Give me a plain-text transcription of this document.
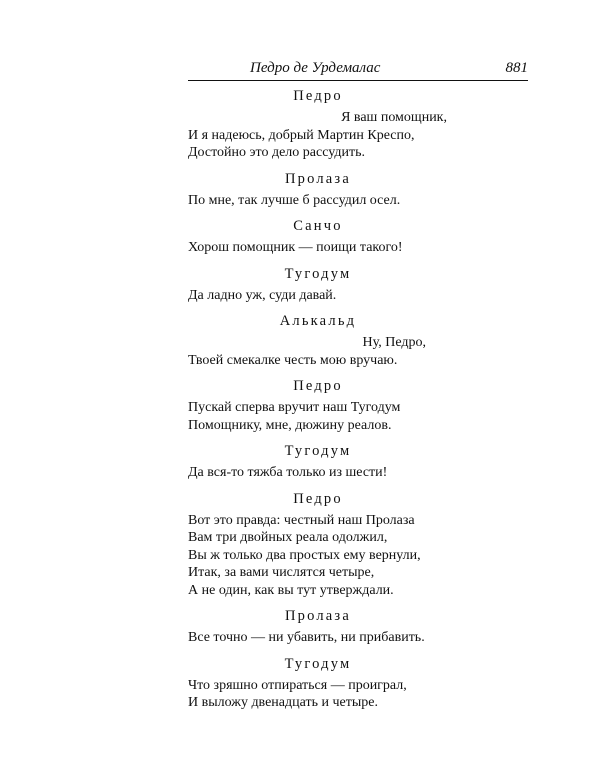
Педро де Урдемалас	881
Педро
Я ваш помощник,
И я надеюсь, добрый Мартин Креспо,
Достойно это дело рассудить.
Пролаза
По мне, так лучше б рассудил осел.
Санчо
Хорош помощник — поищи такого!
Тугодум
Да ладно уж, суди давай.
Алькальд
Ну, Педро,
Твоей смекалке честь мою вручаю.
Педро
Пускай сперва вручит наш Тугодум
Помощнику, мне, дюжину реалов.
Тугодум
Да вся-то тяжба только из шести!
Педро
Вот это правда: честный наш Пролаза
Вам три двойных реала одолжил,
Вы ж только два простых ему вернули,
Итак, за вами числятся четыре,
А не один, как вы тут утверждали.
Пролаза
Все точно — ни убавить, ни прибавить.
Тугодум
Что зряшно отпираться — проиграл,
И выложу двенадцать и четыре.
